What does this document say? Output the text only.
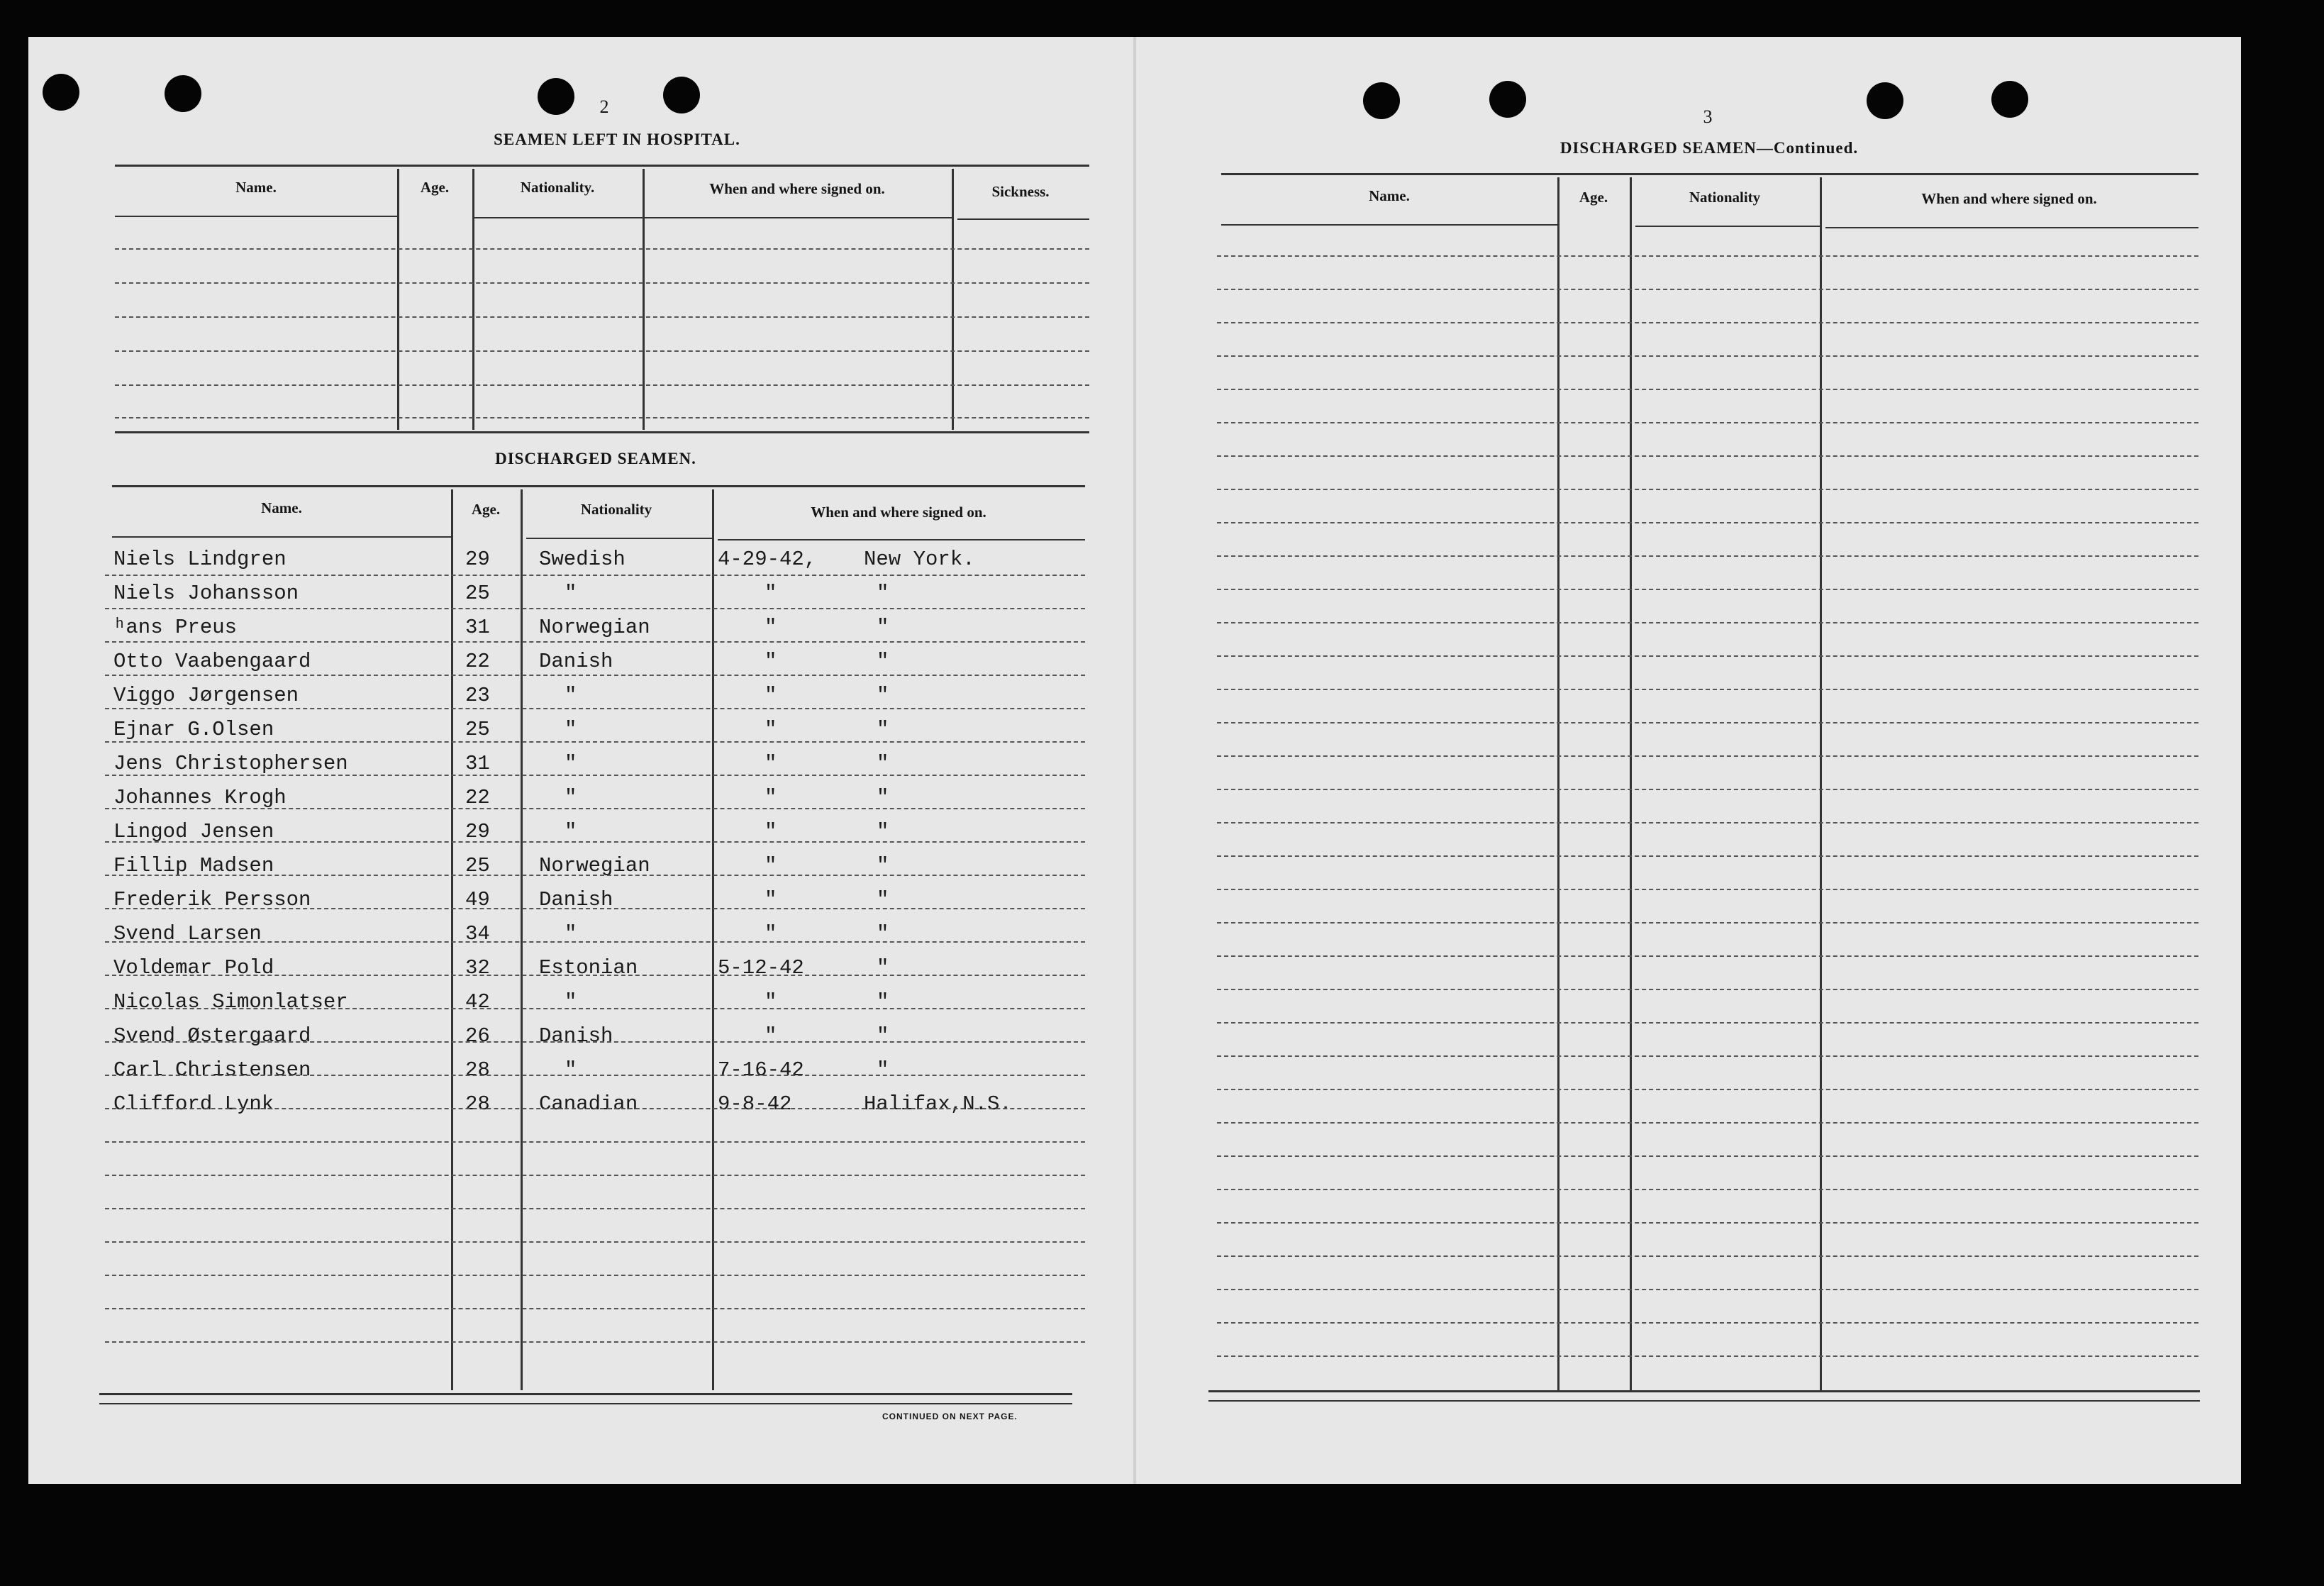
2
SEAMEN LEFT IN HOSPITAL.
Name.	Age.	Nationality.	When and where signed on.	Sickness.
DISCHARGED SEAMEN.
Name.	Age.	Nationality	When and where signed on.
Niels Lindgren	29 Swedish	4-29-42, New York.
Niels Johansson	25	"	"	"
ʰans Preus	31 Norwegian	"	"
Otto Vaabengaard	22 Danish	"	"
Viggo Jørgensen	23	"	"	"
Ejnar G.Olsen	25	"	"	"
Jens Christophersen	31	"	"	"
Johannes Krogh	22	"	"	"
Lingod Jensen	29	"	"	"
Fillip Madsen	25 Norwegian	"	"
Frederik Persson	49 Danish	"	"
Svend Larsen	34	"	"	"
Voldemar Pold	32 Estonian	5-12-42	"
Nicolas Simonlatser	42	"	"	"
Svend Østergaard	26 Danish	"	"
Carl Christensen	28	"	7-16-42	"
Clifford Lynk	28 Canadian	9-8-42	Halifax,N.S.
CONTINUED ON NEXT PAGE.
3
DISCHARGED SEAMEN—Continued.
Name.	Age.	Nationality	When and where signed on.
